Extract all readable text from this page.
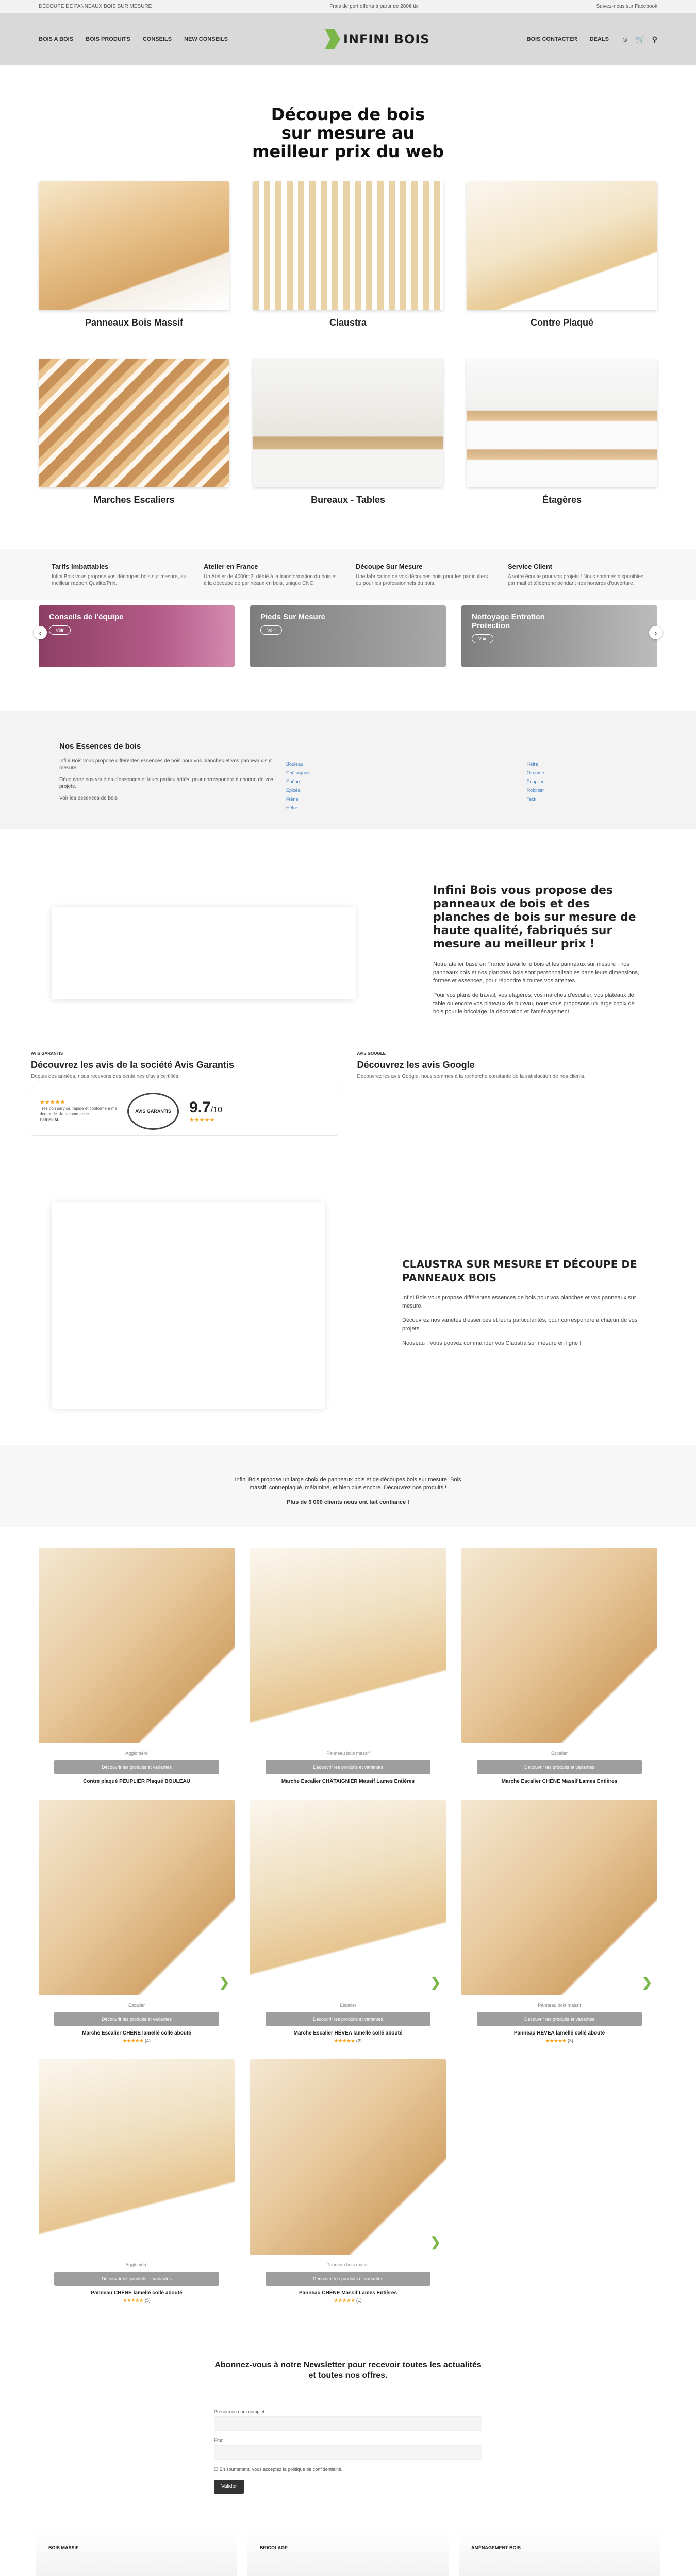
DÉCOUPE DE PANNEAUX BOIS SUR MESURE	Frais de port offerts à partir de 280€ ttc	Suivez-nous sur Facebook
BOIS A BOIS BOIS PRODUITS CONSEILS NEW CONSEILS	INFINI BOIS	BOIS CONTACTER DEALS ☺ 🛒 ⚲
Découpe de bois
sur mesure au
meilleur prix du web
Panneaux Bois Massif	Claustra	Contre Plaqué
Marches Escaliers	Bureaux - Tables	Étagères
Tarifs Imbattables

Infini Bois vous propose vos découpes bois sur mesure, au meilleur rapport Qualité/Prix.

Atelier en France

Un Atelier de 4000m2, dédié à la transformation du bois et à la découpe de panneaux en bois, unique CNC.

Découpe Sur Mesure

Une fabrication de vos découpes bois pour les particuliers ou pour les professionnels du bois.

Service Client

A votre écoute pour vos projets ! Nous sommes disponibles par mail et téléphone pendant nos horaires d'ouverture.

Conseils de l'équipe
Voir
Pieds Sur Mesure
Voir
Nettoyage Entretien Protection
Voir
‹	›
Nos Essences de bois

Infini Bois vous propose différentes essences de bois pour vos planches et vos panneaux sur mesure.

Découvrez nos variétés d'essences et leurs particularités, pour correspondre à chacun de vos projets.

Voir les essences de bois

Bouleau
Châtaignier
Chêne
Épicéa
Frêne
Hêtre
Hêtre
Okoumé
Peuplier
Robinier
Teck
Infini Bois vous propose des panneaux de bois et des planches de bois sur mesure de haute qualité, fabriqués sur mesure au meilleur prix !

Notre atelier basé en France travaille le bois et les panneaux sur mesure : nos panneaux bois et nos planches bois sont personnalisables dans leurs dimensions, formes et essences, pour répondre à toutes vos attentes.

Pour vos plans de travail, vos étagères, vos marches d'escalier, vos plateaux de table ou encore vos plateaux de bureau, nous vous proposons un large choix de bois pour le bricolage, la décoration et l'aménagement.

AVIS GARANTIS
Découvrez les avis de la société Avis Garantis

Depuis des années, nous recevons des centaines d'avis certifiés.

★★★★★
Très bon service, rapide et conforme à ma demande. Je recommande.
Patrick M.
AVIS GARANTIS 9.7/10
★★★★★
AVIS GOOGLE
Découvrez les avis Google

Découvrez les avis Google, nous sommes à la recherche constante de la satisfaction de nos clients.

CLAUSTRA SUR MESURE ET DÉCOUPE DE PANNEAUX BOIS

Infini Bois vous propose différentes essences de bois pour vos planches et vos panneaux sur mesure.

Découvrez nos variétés d'essences et leurs particularités, pour correspondre à chacun de vos projets.

Nouveau : Vous pouvez commander vos Claustra sur mesure en ligne !

Infini Bois propose un large choix de panneaux bois et de découpes bois sur mesure. Bois massif, contreplaqué, mélaminé, et bien plus encore. Découvrez nos produits !
Plus de 3 000 clients nous ont fait confiance !
Aggloméré
Découvrir les produits et variantes
Contre plaqué PEUPLIER Plaqué BOULEAU
Panneau bois massif
Découvrir les produits et variantes
Marche Escalier CHÂTAIGNIER Massif Lames Entières
Escalier
Découvrir les produits et variantes
Marche Escalier CHÊNE Massif Lames Entières
❯
Escalier
Découvrir les produits et variantes
Marche Escalier CHÊNE lamellé collé abouté
★★★★★ (4)
❯
Escalier
Découvrir les produits et variantes
Marche Escalier HÊVEA lamellé collé abouté
★★★★★ (2)
❯
Panneau bois massif
Découvrir les produits et variantes
Panneau HÊVEA lamellé collé abouté
★★★★★ (3)
Aggloméré
Découvrir les produits et variantes
Panneau CHÊNE lamellé collé abouté
★★★★★ (5)
❯
Panneau bois massif
Découvrir les produits et variantes
Panneau CHÊNE Massif Lames Entières
★★★★★ (1)
Abonnez-vous à notre Newsletter pour recevoir toutes les actualités et toutes nos offres.
Prénom ou nom complet
Email
☐ En soumettant, vous acceptez la politique de confidentialité.
Valider
BOIS MASSIF	BRICOLAGE	AMÉNAGEMENT BOIS
